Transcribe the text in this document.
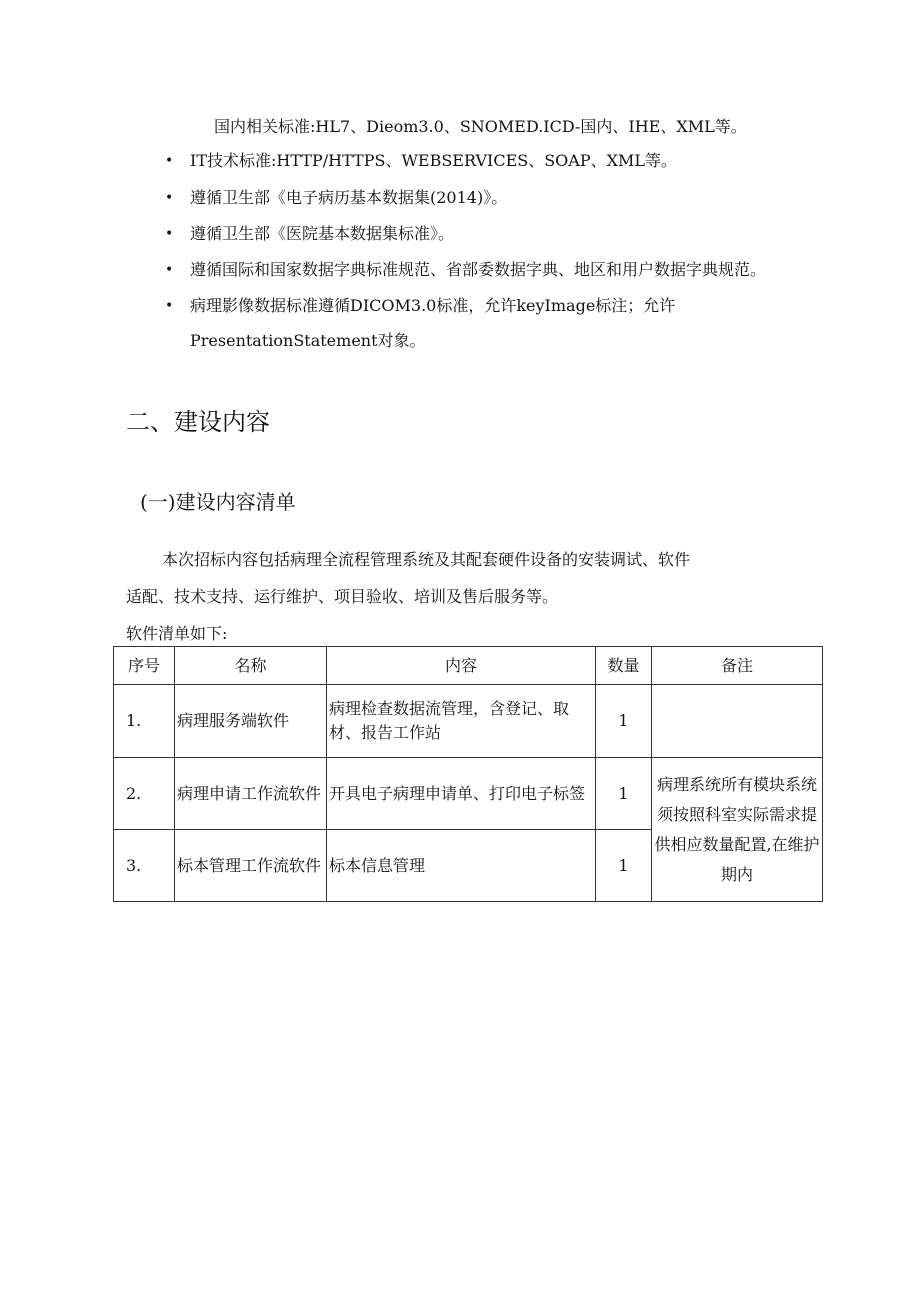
国内相关标准:HL7、Dieom3.0、SNOMED.ICD-国内、IHE、XML等。
• IT技术标准:HTTP/HTTPS、WEBSERVICES、SOAP、XML等。
• 遵循卫生部《电子病历基本数据集(2014)》。
• 遵循卫生部《医院基本数据集标准》。
• 遵循国际和国家数据字典标准规范、省部委数据字典、地区和用户数据字典规范。
• 病理影像数据标准遵循DICOM3.0标准，允许keyImage标注；允许
PresentationStatement对象。
二、建设内容
(一)建设内容清单
本次招标内容包括病理全流程管理系统及其配套硬件设备的安装调试、软件
适配、技术支持、运行维护、项目验收、培训及售后服务等。
软件清单如下:
序号	名称	内容	数量	备注
1.	病理服务端软件	病理检查数据流管理，含登记、取材、报告工作站	1	
2.	病理申请工作流软件	开具电子病理申请单、打印电子标签	1	病理系统所有模块系统须按照科室实际需求提供相应数量配置,在维护期内
3.	标本管理工作流软件	标本信息管理	1	
